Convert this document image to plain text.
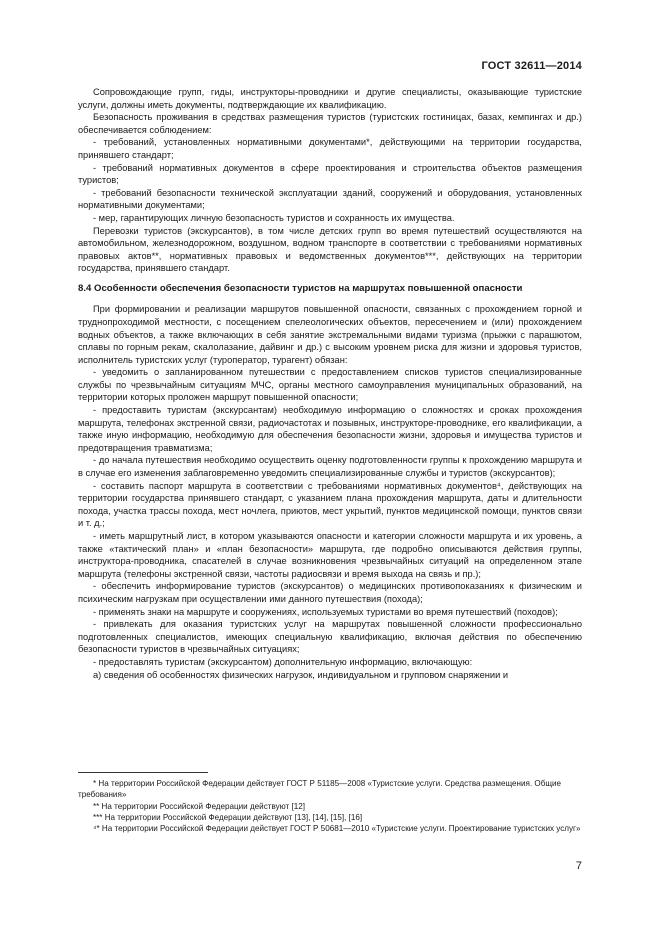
ГОСТ 32611—2014

Сопровождающие групп, гиды, инструкторы-проводники и другие специалисты, оказывающие туристские услуги, должны иметь документы, подтверждающие их квалификацию.

Безопасность проживания в средствах размещения туристов (туристских гостиницах, базах, кемпингах и др.) обеспечивается соблюдением:

- требований, установленных нормативными документами*, действующими на территории государства, принявшего стандарт;

- требований нормативных документов в сфере проектирования и строительства объектов размещения туристов;

- требований безопасности технической эксплуатации зданий, сооружений и оборудования, установленных нормативными документами;

- мер, гарантирующих личную безопасность туристов и сохранность их имущества.

Перевозки туристов (экскурсантов), в том числе детских групп во время путешествий осуществляются на автомобильном, железнодорожном, воздушном, водном транспорте в соответствии с требованиями нормативных правовых актов**, нормативных правовых и ведомственных документов***, действующих на территории государства, принявшего стандарт.

8.4 Особенности обеспечения безопасности туристов на маршрутах повышенной опасности

При формировании и реализации маршрутов повышенной опасности, связанных с прохождением горной и труднопроходимой местности, с посещением спелеологических объектов, пересечением и (или) прохождением водных объектов, а также включающих в себя занятие экстремальными видами туризма (прыжки с парашютом, сплавы по горным рекам, скалолазание, дайвинг и др.) с высоким уровнем риска для жизни и здоровья туристов, исполнитель туристских услуг (туроператор, турагент) обязан:

- уведомить о запланированном путешествии с предоставлением списков туристов специализированные службы по чрезвычайным ситуациям МЧС, органы местного самоуправления муниципальных образований, на территории которых проложен маршрут повышенной опасности;

- предоставить туристам (экскурсантам) необходимую информацию о сложностях и сроках прохождения маршрута, телефонах экстренной связи, радиочастотах и позывных, инструкторе-проводнике, его квалификации, а также иную информацию, необходимую для обеспечения безопасности жизни, здоровья и имущества туристов и предотвращения травматизма;

- до начала путешествия необходимо осуществить оценку подготовленности группы к прохождению маршрута и в случае его изменения заблаговременно уведомить специализированные службы и туристов (экскурсантов);

- составить паспорт маршрута в соответствии с требованиями нормативных документов⁴, действующих на территории государства принявшего стандарт, с указанием плана прохождения маршрута, даты и длительности похода, участка трассы похода, мест ночлега, приютов, мест укрытий, пунктов медицинской помощи, пунктов связи и т. д.;

- иметь маршрутный лист, в котором указываются опасности и категории сложности маршрута и их уровень, а также «тактический план» и «план безопасности» маршрута, где подробно описываются действия группы, инструктора-проводника, спасателей в случае возникновения чрезвычайных ситуаций на определенном этапе маршрута (телефоны экстренной связи, частоты радиосвязи и время выхода на связь и пр.);

- обеспечить информирование туристов (экскурсантов) о медицинских противопоказаниях к физическим и психическим нагрузкам при осуществлении ими данного путешествия (похода);

- применять знаки на маршруте и сооружениях, используемых туристами во время путешествий (походов);

- привлекать для оказания туристских услуг на маршрутах повышенной сложности профессионально подготовленных специалистов, имеющих специальную квалификацию, включая действия по обеспечению безопасности туристов в чрезвычайных ситуациях;

- предоставлять туристам (экскурсантом) дополнительную информацию, включающую:

а) сведения об особенностях физических нагрузок, индивидуальном и групповом снаряжении и

* На территории Российской Федерации действует ГОСТ Р 51185—2008 «Туристские услуги. Средства размещения. Общие требования»

** На территории Российской Федерации действуют [12]

*** На территории Российской Федерации действуют [13], [14], [15], [16]

⁴* На территории Российской Федерации действует ГОСТ Р 50681—2010 «Туристские услуги. Проектирование туристских услуг»

7
